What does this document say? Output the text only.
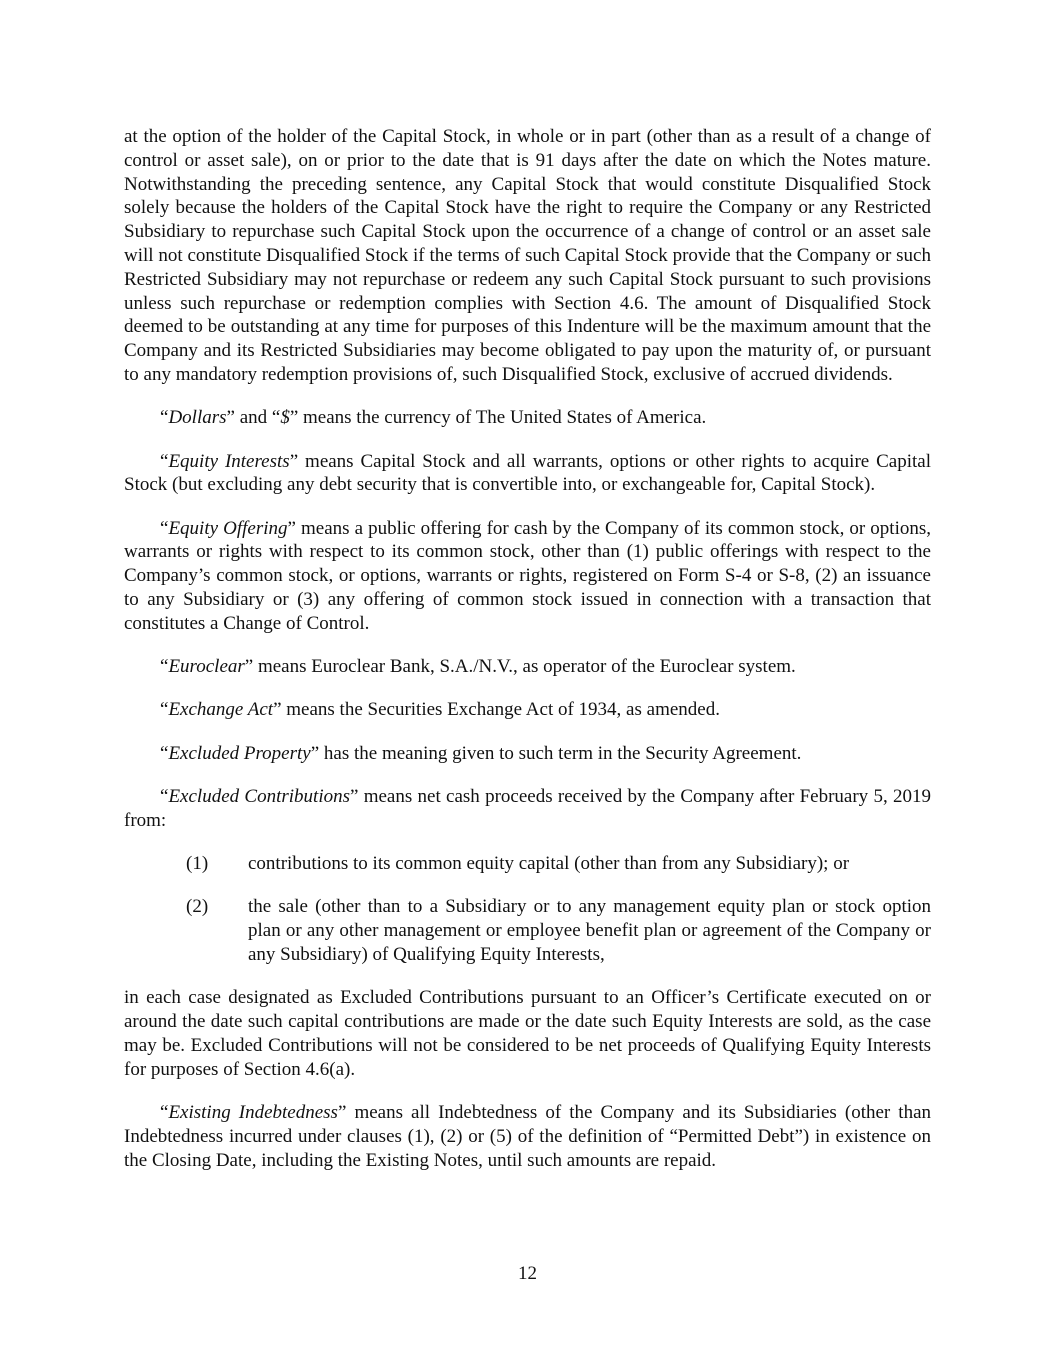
at the option of the holder of the Capital Stock, in whole or in part (other than as a result of a change of control or asset sale), on or prior to the date that is 91 days after the date on which the Notes mature. Notwithstanding the preceding sentence, any Capital Stock that would constitute Disqualified Stock solely because the holders of the Capital Stock have the right to require the Company or any Restricted Subsidiary to repurchase such Capital Stock upon the occurrence of a change of control or an asset sale will not constitute Disqualified Stock if the terms of such Capital Stock provide that the Company or such Restricted Subsidiary may not repurchase or redeem any such Capital Stock pursuant to such provisions unless such repurchase or redemption complies with Section 4.6. The amount of Disqualified Stock deemed to be outstanding at any time for purposes of this Indenture will be the maximum amount that the Company and its Restricted Subsidiaries may become obligated to pay upon the maturity of, or pursuant to any mandatory redemption provisions of, such Disqualified Stock, exclusive of accrued dividends.

“Dollars” and “$” means the currency of The United States of America.

“Equity Interests” means Capital Stock and all warrants, options or other rights to acquire Capital Stock (but excluding any debt security that is convertible into, or exchangeable for, Capital Stock).

“Equity Offering” means a public offering for cash by the Company of its common stock, or options, warrants or rights with respect to its common stock, other than (1) public offerings with respect to the Company’s common stock, or options, warrants or rights, registered on Form S-4 or S-8, (2) an issuance to any Subsidiary or (3) any offering of common stock issued in connection with a transaction that constitutes a Change of Control.

“Euroclear” means Euroclear Bank, S.A./N.V., as operator of the Euroclear system.

“Exchange Act” means the Securities Exchange Act of 1934, as amended.

“Excluded Property” has the meaning given to such term in the Security Agreement.

“Excluded Contributions” means net cash proceeds received by the Company after February 5, 2019 from:

(1)	contributions to its common equity capital (other than from any Subsidiary); or
(2)	the sale (other than to a Subsidiary or to any management equity plan or stock option plan or any other management or employee benefit plan or agreement of the Company or any Subsidiary) of Qualifying Equity Interests,

in each case designated as Excluded Contributions pursuant to an Officer’s Certificate executed on or around the date such capital contributions are made or the date such Equity Interests are sold, as the case may be. Excluded Contributions will not be considered to be net proceeds of Qualifying Equity Interests for purposes of Section 4.6(a).

“Existing Indebtedness” means all Indebtedness of the Company and its Subsidiaries (other than Indebtedness incurred under clauses (1), (2) or (5) of the definition of “Permitted Debt”) in existence on the Closing Date, including the Existing Notes, until such amounts are repaid.

12
